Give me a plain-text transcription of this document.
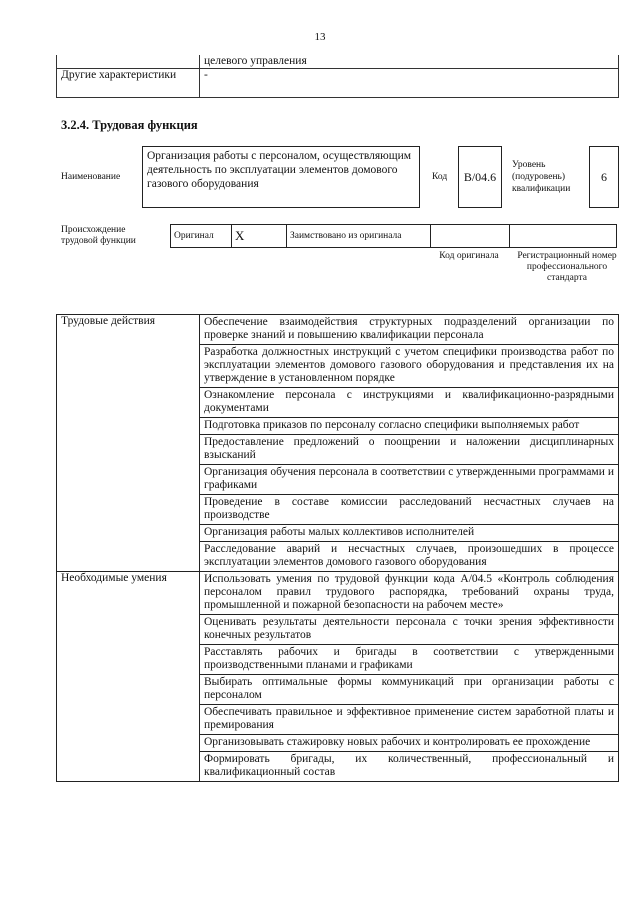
13
	целевого управления
Другие характеристики	-
3.2.4. Трудовая функция
Наименование
Организация работы с персоналом, осуществляющим деятельность по эксплуатации элементов домового газового оборудования
Код	B/04.6
Уровень (подуровень) квалификации
6
Происхождение трудовой функции	Оригинал	X	Заимствовано из оригинала		
Код оригинала	Регистрационный номер профессионального стандарта
Трудовые действия	Обеспечение взаимодействия структурных подразделений организации по проверке знаний и повышению квалификации персонала
	Разработка должностных инструкций с учетом специфики производства работ по эксплуатации элементов домового газового оборудования и представления их на утверждение в установленном порядке
	Ознакомление персонала с инструкциями и квалификационно-разрядными документами
	Подготовка приказов по персоналу согласно специфики выполняемых работ
	Предоставление предложений о поощрении и наложении дисциплинарных взысканий
	Организация обучения персонала в соответствии с утвержденными программами и графиками
	Проведение в составе комиссии расследований несчастных случаев на производстве
	Организация работы малых коллективов исполнителей
	Расследование аварий и несчастных случаев, произошедших в процессе эксплуатации элементов домового газового оборудования
Необходимые умения	Использовать умения по трудовой функции кода А/04.5 «Контроль соблюдения персоналом правил трудового распорядка, требований охраны труда, промышленной и пожарной безопасности на рабочем месте»
	Оценивать результаты деятельности персонала с точки зрения эффективности конечных результатов
	Расставлять рабочих и бригады в соответствии с утвержденными производственными планами и графиками
	Выбирать оптимальные формы коммуникаций при организации работы с персоналом
	Обеспечивать правильное и эффективное применение систем заработной платы и премирования
	Организовывать стажировку новых рабочих и контролировать ее прохождение
	Формировать бригады, их количественный, профессиональный и квалификационный состав
